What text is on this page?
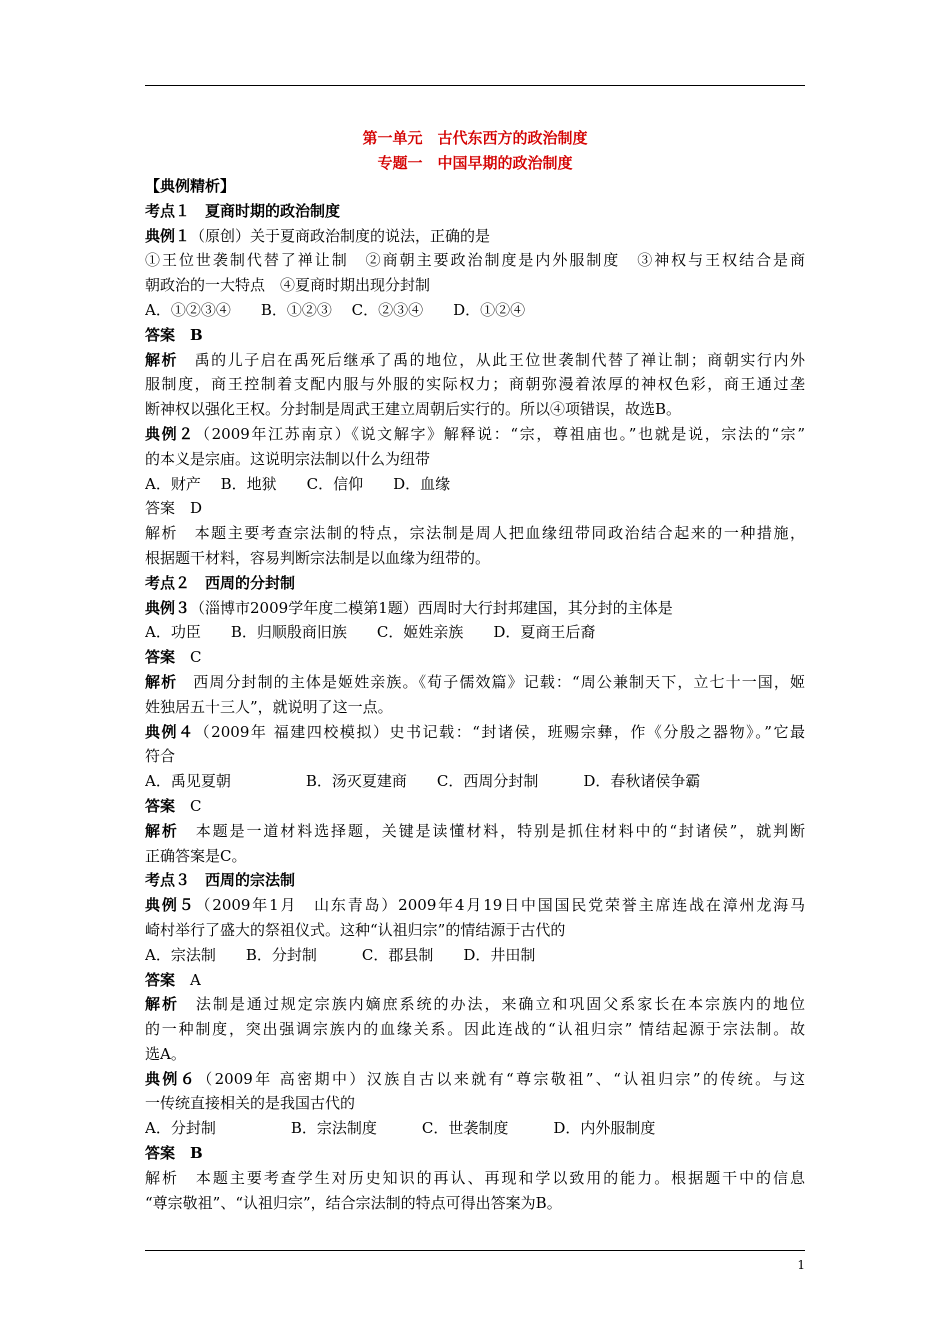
第一单元　古代东西方的政治制度
专题一　中国早期的政治制度
【典例精析】
考点１　夏商时期的政治制度
典例１（原创）关于夏商政治制度的说法，正确的是
①王位世袭制代替了禅让制　②商朝主要政治制度是内外服制度　③神权与王权结合是商
朝政治的一大特点　④夏商时期出现分封制
A．①②③④　　B．①②③　 C．②③④　　D．①②④
答案　B
解析　禹的儿子启在禹死后继承了禹的地位，从此王位世袭制代替了禅让制；商朝实行内外
服制度，商王控制着支配内服与外服的实际权力；商朝弥漫着浓厚的神权色彩，商王通过垄
断神权以强化王权。分封制是周武王建立周朝后实行的。所以④项错误，故选B。
典例２（2009年江苏南京）《说文解字》解释说：“宗，尊祖庙也。”也就是说，宗法的“宗”
的本义是宗庙。这说明宗法制以什么为纽带
A．财产　 B．地狱　　C．信仰　　D．血缘
答案　D
解析　本题主要考查宗法制的特点，宗法制是周人把血缘纽带同政治结合起来的一种措施，
根据题干材料，容易判断宗法制是以血缘为纽带的。
考点２　西周的分封制
典例３（淄博市2009学年度二模第1题）西周时大行封邦建国，其分封的主体是
A．功臣　　B．归顺殷商旧族　　C．姬姓亲族　　D．夏商王后裔
答案　C
解析　西周分封制的主体是姬姓亲族。《荀子儒效篇》记载：“周公兼制天下，立七十一国，姬
姓独居五十三人”，就说明了这一点。
典例４（2009年 福建四校模拟）史书记载：“封诸侯，班赐宗彝，作《分殷之器物》。”它最
符合
A．禹见夏朝　　　　　B．汤灭夏建商　　C．西周分封制　　　D．春秋诸侯争霸
答案　C
解析　本题是一道材料选择题，关键是读懂材料，特别是抓住材料中的“封诸侯”，就判断
正确答案是C。
考点３　西周的宗法制
典例５（2009年1月　山东青岛）2009年4月19日中国国民党荣誉主席连战在漳州龙海马
崎村举行了盛大的祭祖仪式。这种“认祖归宗”的情结源于古代的
A．宗法制　　B．分封制　　　C．郡县制　　D．井田制
答案　A
解析　法制是通过规定宗族内嫡庶系统的办法，来确立和巩固父系家长在本宗族内的地位
的一种制度，突出强调宗族内的血缘关系。因此连战的“认祖归宗” 情结起源于宗法制。故
选A。
典例６（2009年 高密期中）汉族自古以来就有“尊宗敬祖”、“认祖归宗”的传统。与这
一传统直接相关的是我国古代的
A．分封制　　　　　B．宗法制度　　　C．世袭制度　　　D．内外服制度
答案　B
解析　本题主要考查学生对历史知识的再认、再现和学以致用的能力。根据题干中的信息
“尊宗敬祖”、“认祖归宗”，结合宗法制的特点可得出答案为B。
1
